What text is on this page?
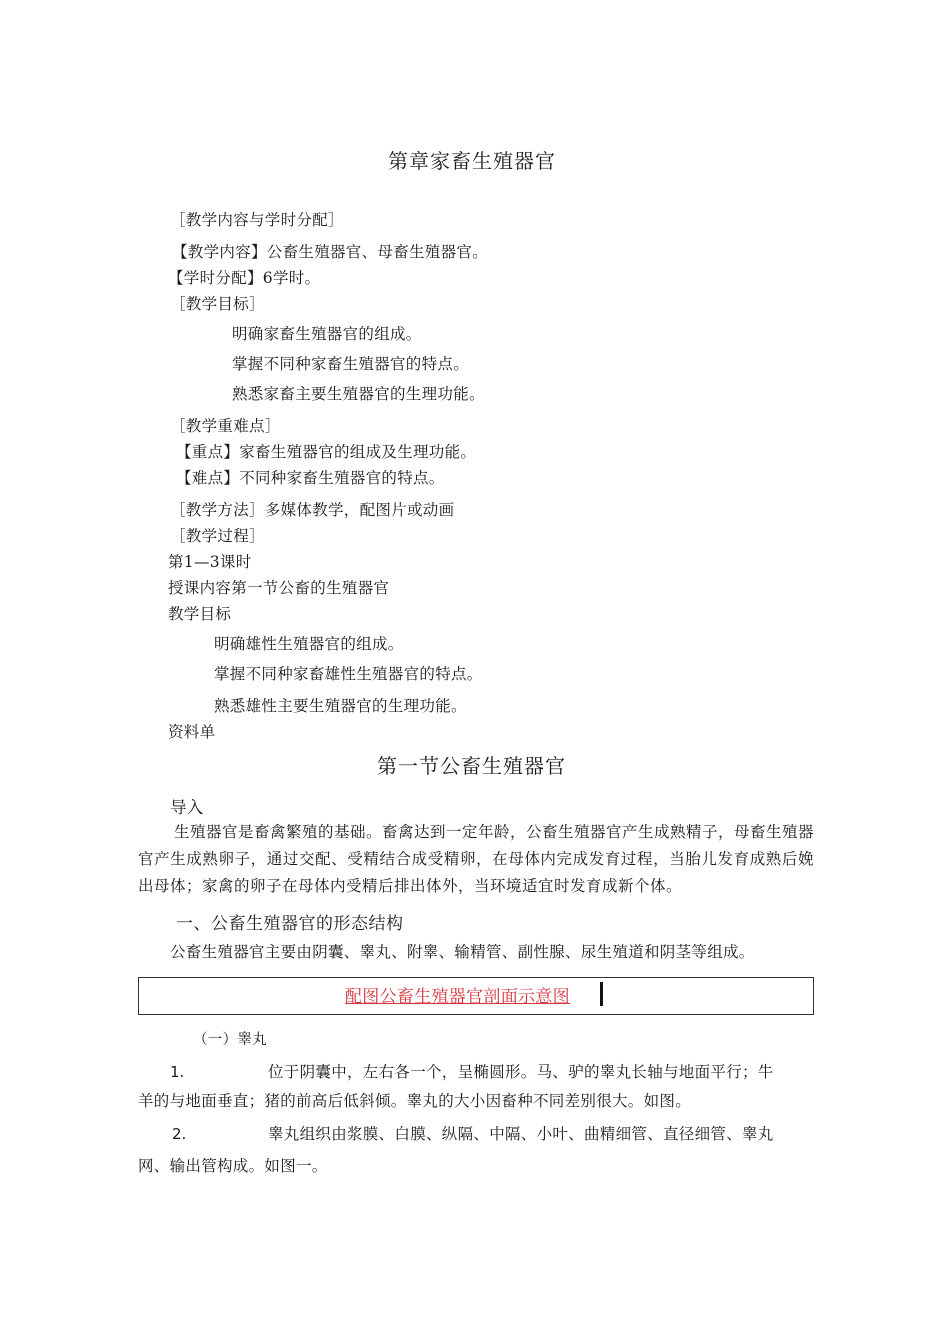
第章家畜生殖器官
［教学内容与学时分配］
【教学内容】公畜生殖器官、母畜生殖器官。
【学时分配】6学时。
［教学目标］
明确家畜生殖器官的组成。
掌握不同种家畜生殖器官的特点。
熟悉家畜主要生殖器官的生理功能。
［教学重难点］
【重点】家畜生殖器官的组成及生理功能。
【难点】不同种家畜生殖器官的特点。
［教学方法］多媒体教学，配图片或动画
［教学过程］
第1—3课时
授课内容第一节公畜的生殖器官
教学目标
明确雄性生殖器官的组成。
掌握不同种家畜雄性生殖器官的特点。
熟悉雄性主要生殖器官的生理功能。
资料单
第一节公畜生殖器官
导入
生殖器官是畜禽繁殖的基础。畜禽达到一定年龄，公畜生殖器官产生成熟精子，母畜生殖器官产生成熟卵子，通过交配、受精结合成受精卵，在母体内完成发育过程，当胎儿发育成熟后娩出母体；家禽的卵子在母体内受精后排出体外，当环境适宜时发育成新个体。
一、公畜生殖器官的形态结构
公畜生殖器官主要由阴囊、睾丸、附睾、输精管、副性腺、尿生殖道和阴茎等组成。
配图公畜生殖器官剖面示意图
（一）睾丸
1.	位于阴囊中，左右各一个，呈椭圆形。马、驴的睾丸长轴与地面平行；牛
羊的与地面垂直；猪的前高后低斜倾。睾丸的大小因畜种不同差别很大。如图。
2.	睾丸组织由浆膜、白膜、纵隔、中隔、小叶、曲精细管、直径细管、睾丸
网、输出管构成。如图一。
